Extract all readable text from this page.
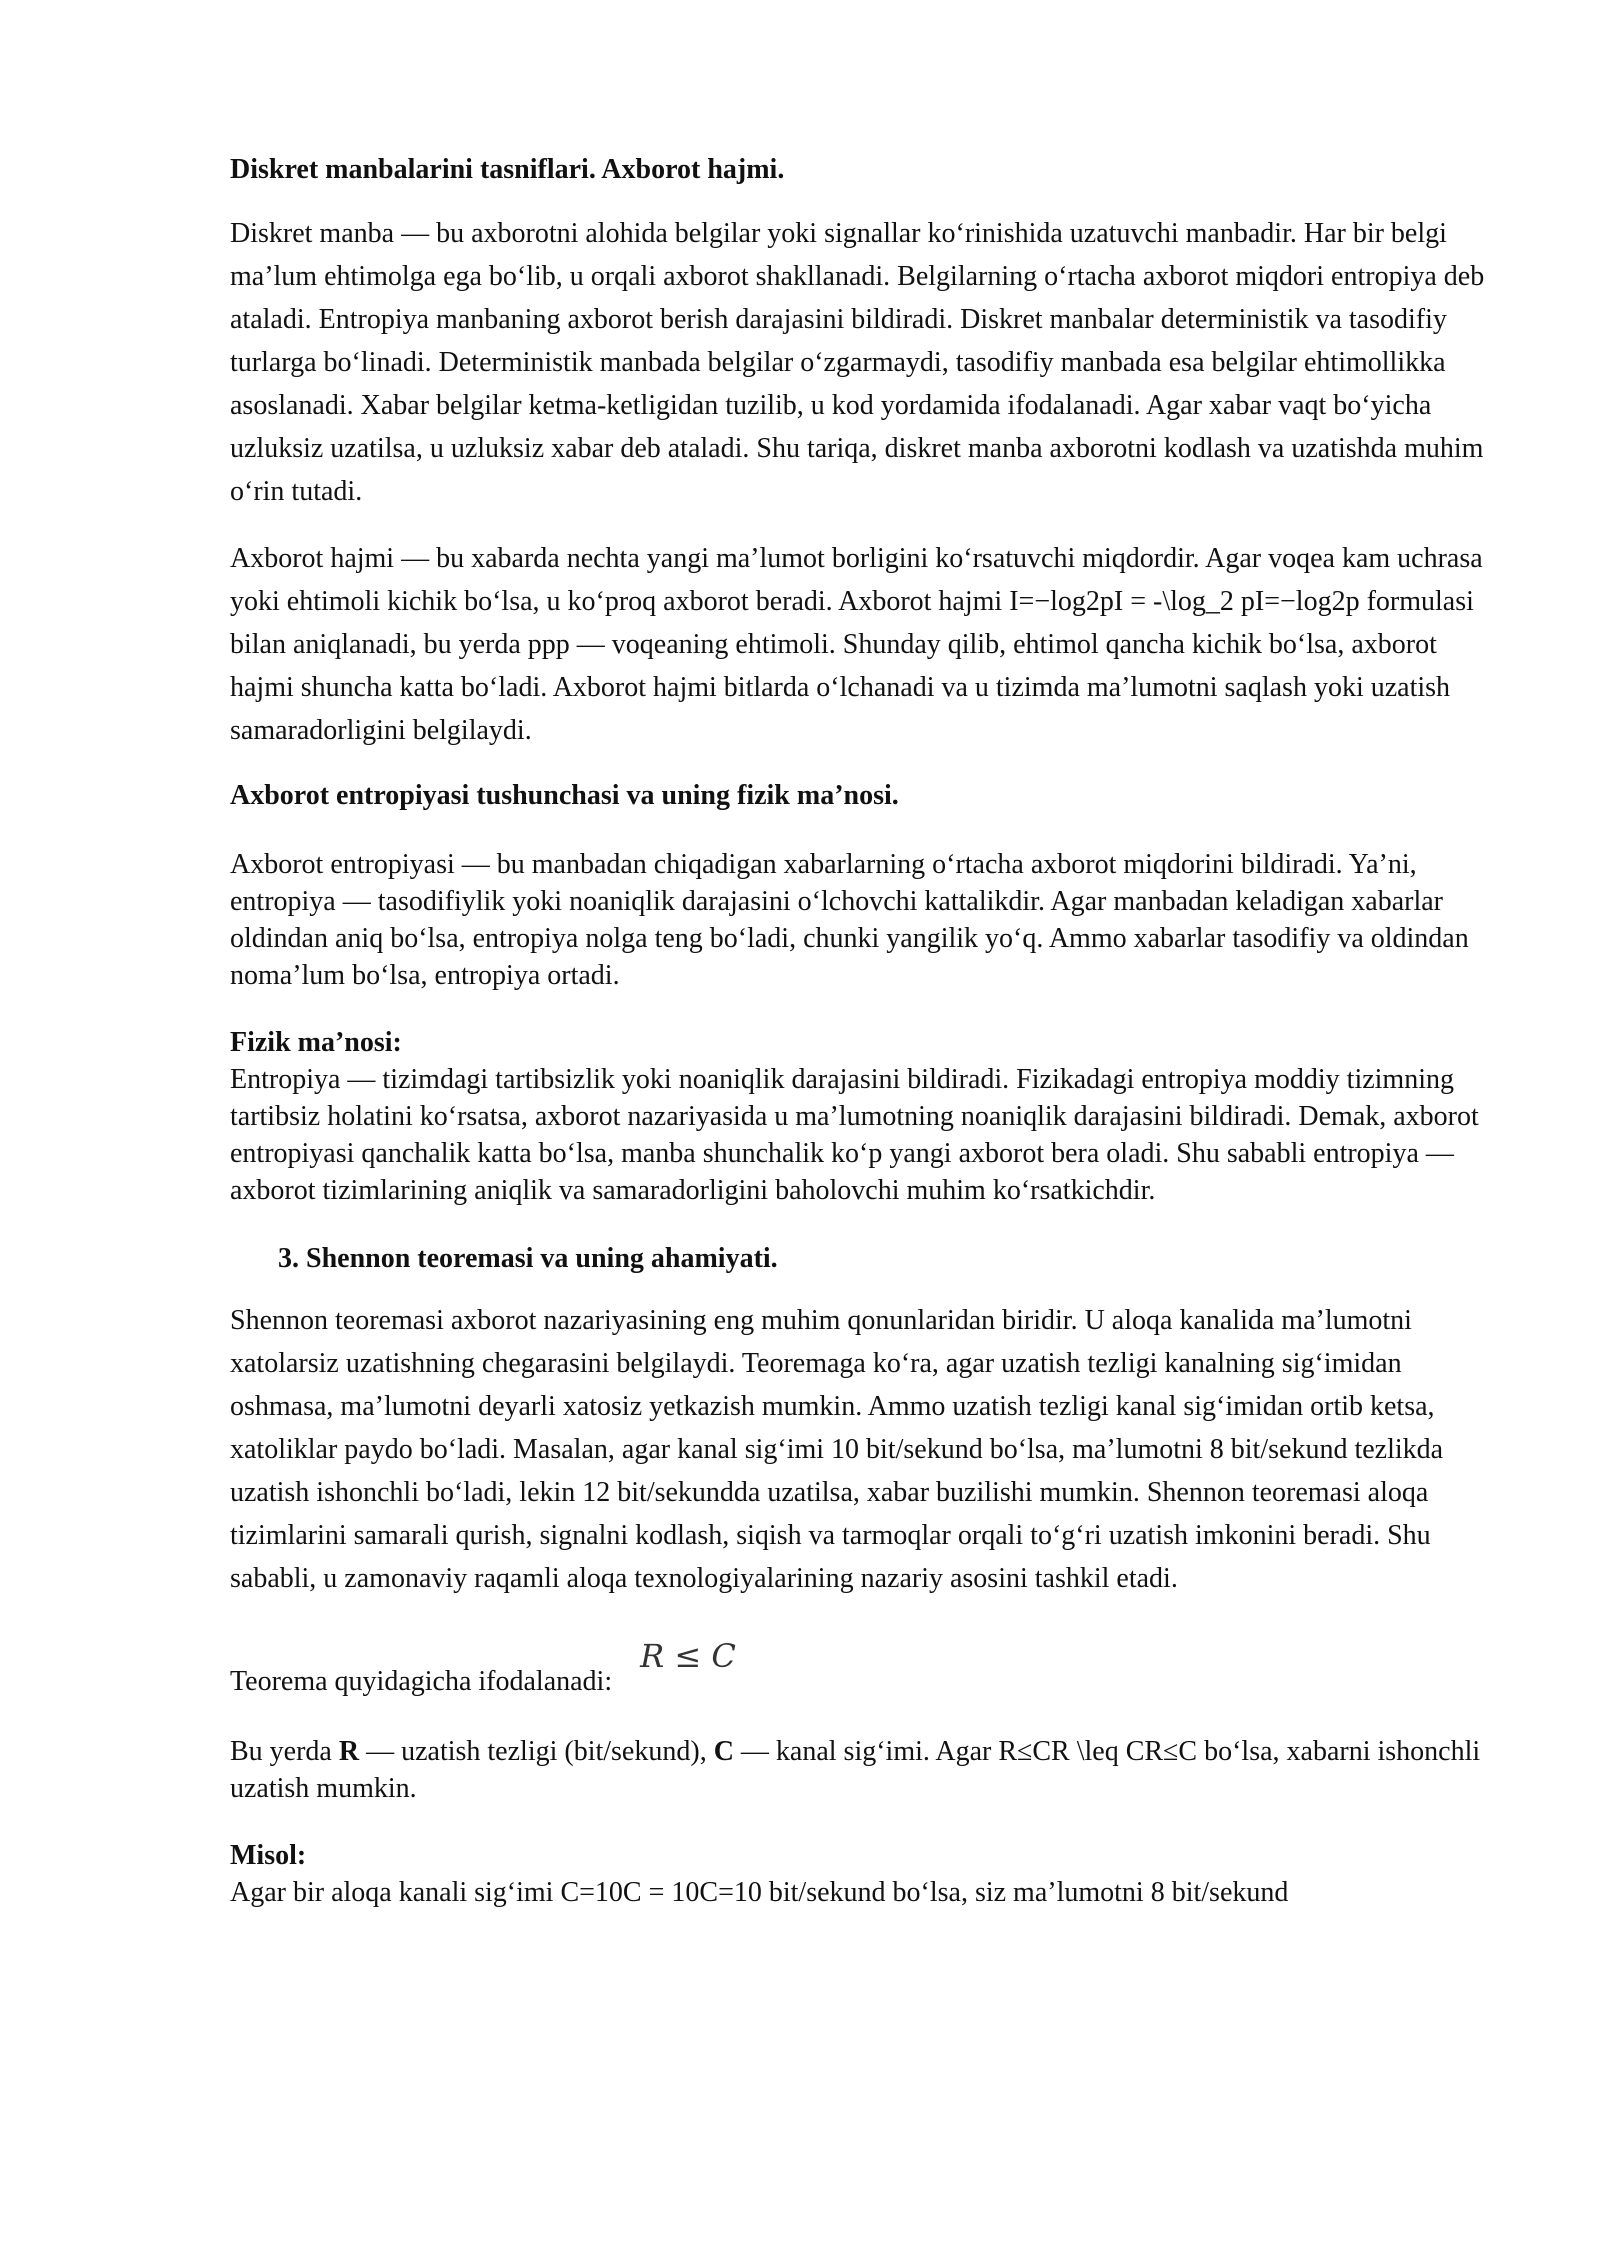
Diskret manbalarini tasniflari. Axborot hajmi.

Diskret manba — bu axborotni alohida belgilar yoki signallar koʻrinishida uzatuvchi manbadir. Har bir belgi maʼlum ehtimolga ega boʻlib, u orqali axborot shakllanadi. Belgilarning oʻrtacha axborot miqdori entropiya deb ataladi. Entropiya manbaning axborot berish darajasini bildiradi. Diskret manbalar deterministik va tasodifiy turlarga boʻlinadi. Deterministik manbada belgilar oʻzgarmaydi, tasodifiy manbada esa belgilar ehtimollikka asoslanadi. Xabar belgilar ketma-ketligidan tuzilib, u kod yordamida ifodalanadi. Agar xabar vaqt boʻyicha uzluksiz uzatilsa, u uzluksiz xabar deb ataladi. Shu tariqa, diskret manba axborotni kodlash va uzatishda muhim oʻrin tutadi.

Axborot hajmi — bu xabarda nechta yangi maʼlumot borligini koʻrsatuvchi miqdordir. Agar voqea kam uchrasa yoki ehtimoli kichik boʻlsa, u koʻproq axborot beradi. Axborot hajmi I=−log2pI = -\log_2 pI=−log2p formulasi bilan aniqlanadi, bu yerda ppp — voqeaning ehtimoli. Shunday qilib, ehtimol qancha kichik boʻlsa, axborot hajmi shuncha katta boʻladi. Axborot hajmi bitlarda oʻlchanadi va u tizimda maʼlumotni saqlash yoki uzatish samaradorligini belgilaydi.

Axborot entropiyasi tushunchasi va uning fizik maʼnosi.

Axborot entropiyasi — bu manbadan chiqadigan xabarlarning oʻrtacha axborot miqdorini bildiradi. Yaʼni, entropiya — tasodifiylik yoki noaniqlik darajasini oʻlchovchi kattalikdir. Agar manbadan keladigan xabarlar oldindan aniq boʻlsa, entropiya nolga teng boʻladi, chunki yangilik yoʻq. Ammo xabarlar tasodifiy va oldindan nomaʼlum boʻlsa, entropiya ortadi.

Fizik maʼnosi:

Entropiya — tizimdagi tartibsizlik yoki noaniqlik darajasini bildiradi. Fizikadagi entropiya moddiy tizimning tartibsiz holatini koʻrsatsa, axborot nazariyasida u maʼlumotning noaniqlik darajasini bildiradi. Demak, axborot entropiyasi qanchalik katta boʻlsa, manba shunchalik koʻp yangi axborot bera oladi. Shu sababli entropiya — axborot tizimlarining aniqlik va samaradorligini baholovchi muhim koʻrsatkichdir.

3. Shennon teoremasi va uning ahamiyati.

Shennon teoremasi axborot nazariyasining eng muhim qonunlaridan biridir. U aloqa kanalida maʼlumotni xatolarsiz uzatishning chegarasini belgilaydi. Teoremaga koʻra, agar uzatish tezligi kanalning sigʻimidan oshmasa, maʼlumotni deyarli xatosiz yetkazish mumkin. Ammo uzatish tezligi kanal sigʻimidan ortib ketsa, xatoliklar paydo boʻladi. Masalan, agar kanal sigʻimi 10 bit/sekund boʻlsa, maʼlumotni 8 bit/sekund tezlikda uzatish ishonchli boʻladi, lekin 12 bit/sekundda uzatilsa, xabar buzilishi mumkin. Shennon teoremasi aloqa tizimlarini samarali qurish, signalni kodlash, siqish va tarmoqlar orqali toʻgʻri uzatish imkonini beradi. Shu sababli, u zamonaviy raqamli aloqa texnologiyalarining nazariy asosini tashkil etadi.

Teorema quyidagicha ifodalanadi:
R ≤ C

Bu yerda R — uzatish tezligi (bit/sekund), C — kanal sigʻimi. Agar R≤CR \leq CR≤C boʻlsa, xabarni ishonchli uzatish mumkin.

Misol:

Agar bir aloqa kanali sigʻimi C=10C = 10C=10 bit/sekund boʻlsa, siz maʼlumotni 8 bit/sekund
